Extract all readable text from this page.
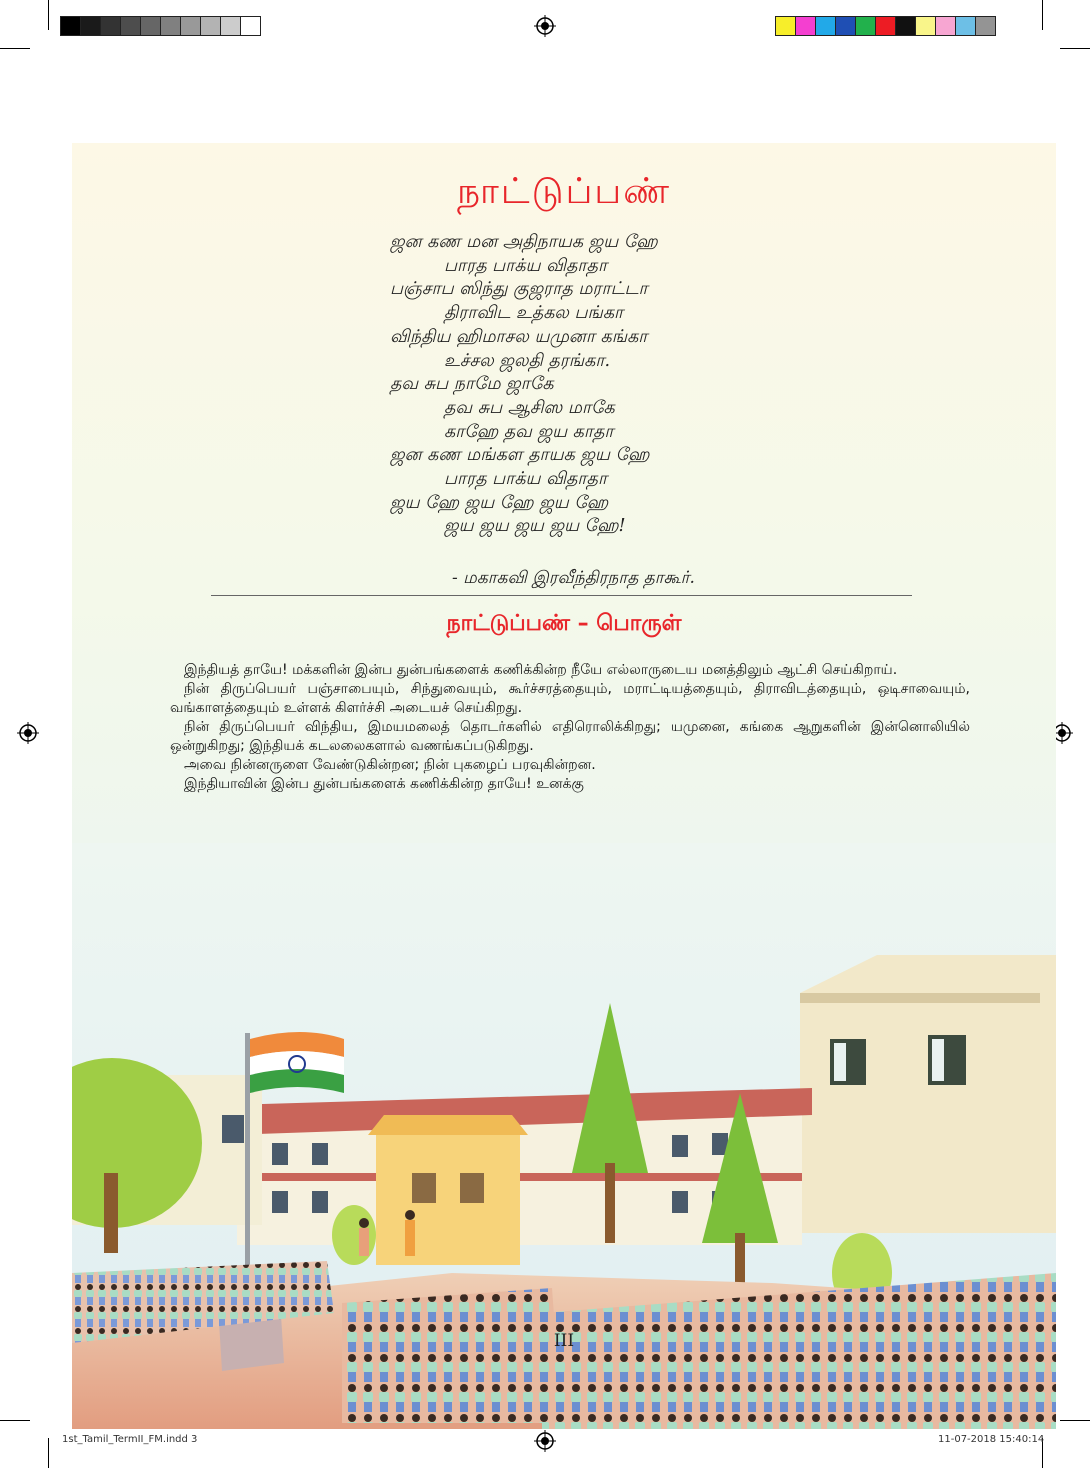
நாட்டுப்பண்
ஜன கண மன அதிநாயக ஜய ஹே
பாரத பாக்ய விதாதா
பஞ்சாப ஸிந்து குஜராத மராட்டா
திராவிட உத்கல பங்கா
விந்திய ஹிமாசல யமுனா கங்கா
உச்சல ஜலதி தரங்கா.
தவ சுப நாமே ஜாகே
தவ சுப ஆசிஸ மாகே
காஹே தவ ஜய காதா
ஜன கண மங்கள தாயக ஜய ஹே
பாரத பாக்ய விதாதா
ஜய ஹே ஜய ஹே ஜய ஹே
ஜய ஜய ஜய ஜய ஹே!
- மகாகவி இரவீந்திரநாத தாகூர்.
நாட்டுப்பண் – பொருள்

இந்தியத் தாயே! மக்களின் இன்ப துன்பங்களைக் கணிக்கின்ற நீயே எல்லாருடைய மனத்திலும் ஆட்சி செய்கிறாய்.

நின் திருப்பெயர் பஞ்சாபையும், சிந்துவையும், கூர்ச்சரத்தையும், மராட்டியத்தையும், திராவிடத்தையும், ஒடிசாவையும், வங்காளத்தையும் உள்ளக் கிளர்ச்சி அடையச் செய்கிறது.

நின் திருப்பெயர் விந்திய, இமயமலைத் தொடர்களில் எதிரொலிக்கிறது; யமுனை, கங்கை ஆறுகளின் இன்னொலியில் ஒன்றுகிறது; இந்தியக் கடலலைகளால் வணங்கப்படுகிறது.

அவை நின்னருளை வேண்டுகின்றன; நின் புகழைப் பரவுகின்றன.

இந்தியாவின் இன்ப துன்பங்களைக் கணிக்கின்ற தாயே! உனக்கு

III
1st_Tamil_TermII_FM.indd 3	11-07-2018 15:40:14
